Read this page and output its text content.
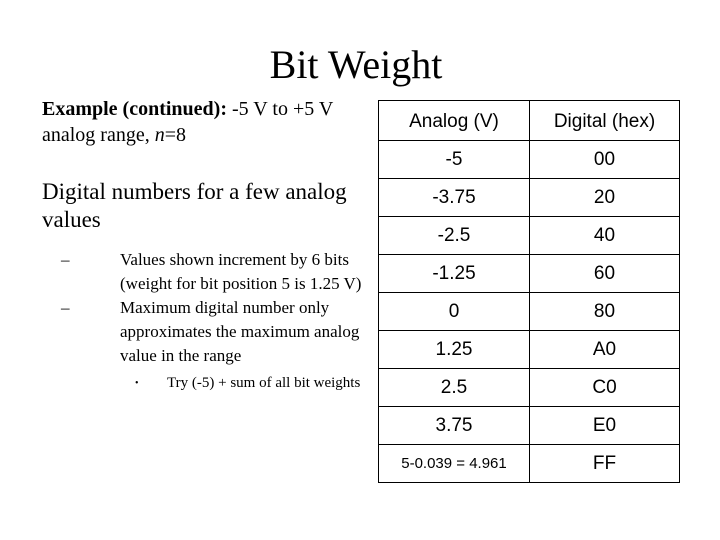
Bit Weight

Example (continued): -5 V to +5 V analog range, n=8

Digital numbers for a few analog values

–	Values shown increment by 6 bits (weight for bit position 5 is 1.25 V)
–	Maximum digital number only approximates the maximum analog value in the range
• Try (-5) + sum of all bit weights
Analog (V)	Digital (hex)
-5	00
-3.75	20
-2.5	40
-1.25	60
0	80
1.25	A0
2.5	C0
3.75	E0
5-0.039 = 4.961	FF
